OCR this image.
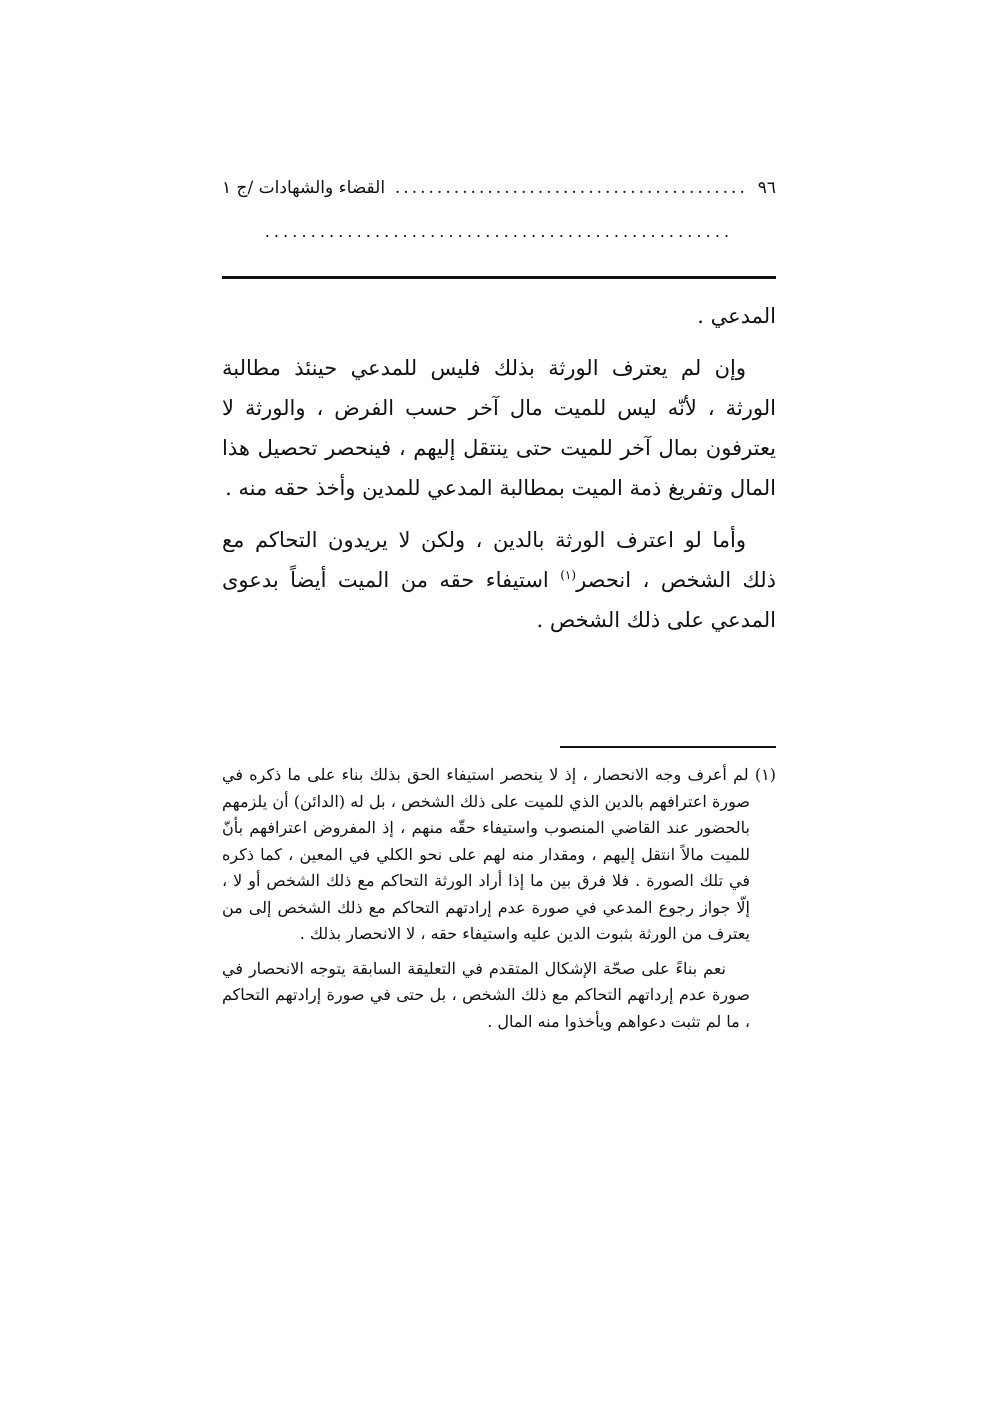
٩٦
..........................................
القضاء والشهادات /ج ١
...................................................

المدعي .

وإن لم يعترف الورثة بذلك فليس للمدعي حينئذ مطالبة الورثة ، لأنّه ليس للميت مال آخر حسب الفرض ، والورثة لا يعترفون بمال آخر للميت حتى ينتقل إليهم ، فينحصر تحصيل هذا المال وتفريغ ذمة الميت بمطالبة المدعي للمدين وأخذ حقه منه .

وأما لو اعترف الورثة بالدين ، ولكن لا يريدون التحاكم مع ذلك الشخص ، انحصر$^{(١)}$ استيفاء حقه من الميت أيضاً بدعوى المدعي على ذلك الشخص .

(١) لم أعرف وجه الانحصار ، إذ لا ينحصر استيفاء الحق بذلك بناء على ما ذكره في صورة اعترافهم بالدين الذي للميت على ذلك الشخص ، بل له (الدائن) أن يلزمهم بالحضور عند القاضي المنصوب واستيفاء حقّه منهم ، إذ المفروض اعترافهم بأنّ للميت مالاً انتقل إليهم ، ومقدار منه لهم على نحو الكلي في المعين ، كما ذكره في تلك الصورة . فلا فرق بين ما إذا أراد الورثة التحاكم مع ذلك الشخص أو لا ، إلّا جواز رجوع المدعي في صورة عدم إرادتهم التحاكم مع ذلك الشخص إلى من يعترف من الورثة بثبوت الدين عليه واستيفاء حقه ، لا الانحصار بذلك .

نعم بناءً على صحّة الإشكال المتقدم في التعليقة السابقة يتوجه الانحصار في صورة عدم إرداتهم التحاكم مع ذلك الشخص ، بل حتى في صورة إرادتهم التحاكم ، ما لم تثبت دعواهم ويأخذوا منه المال .
